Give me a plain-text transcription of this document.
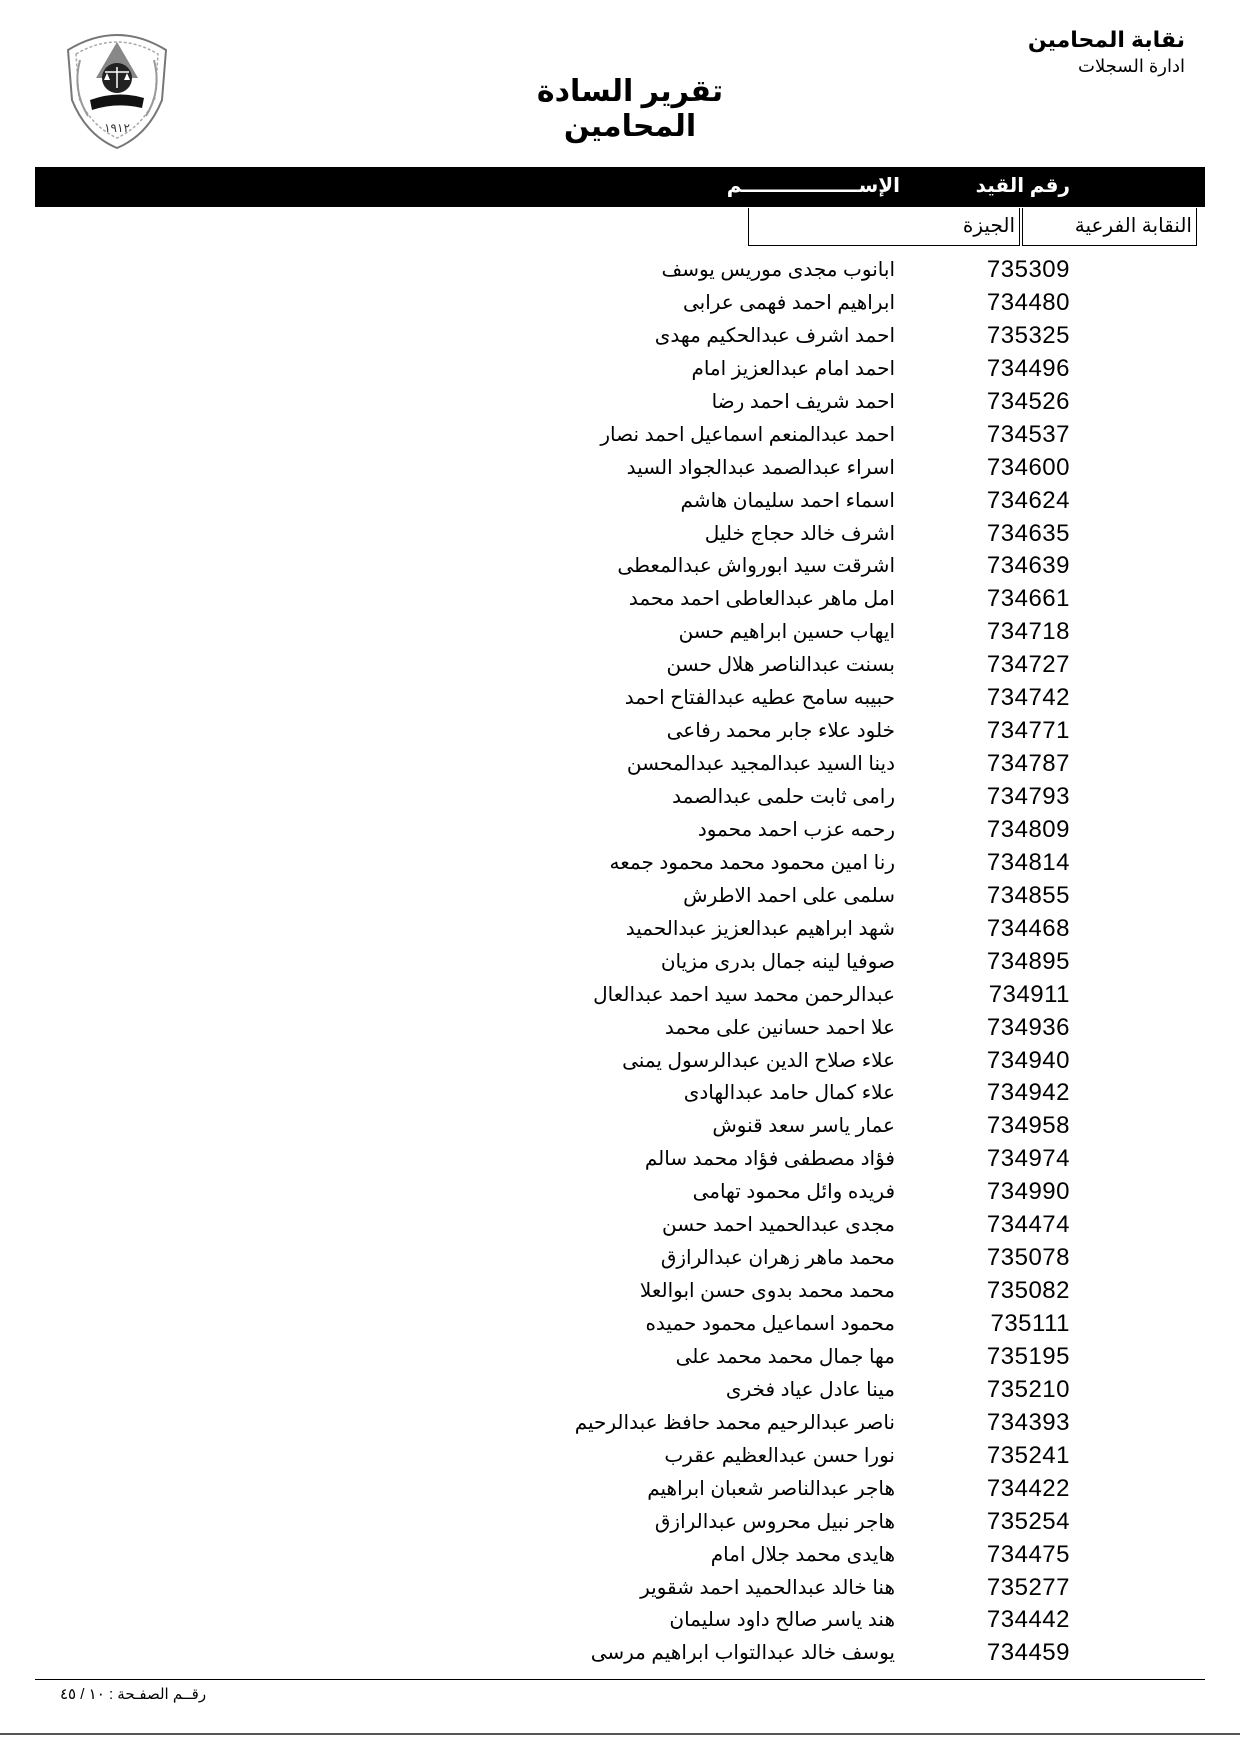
١٩١٢
نقابة المحامين
ادارة السجلات
تقرير السادة المحامين
رقم القيد
الإســـــــــــــــــم
النقابة الفرعية
الجيزة
735309
ابانوب مجدى موريس يوسف
734480
ابراهيم احمد فهمى عرابى
735325
احمد اشرف عبدالحكيم مهدى
734496
احمد امام عبدالعزيز امام
734526
احمد شريف احمد رضا
734537
احمد عبدالمنعم اسماعيل احمد نصار
734600
اسراء عبدالصمد عبدالجواد السيد
734624
اسماء احمد سليمان هاشم
734635
اشرف خالد حجاج خليل
734639
اشرقت سيد ابورواش عبدالمعطى
734661
امل ماهر عبدالعاطى احمد محمد
734718
ايهاب حسين ابراهيم حسن
734727
بسنت عبدالناصر هلال حسن
734742
حبيبه سامح عطيه عبدالفتاح احمد
734771
خلود علاء جابر محمد رفاعى
734787
دينا السيد عبدالمجيد عبدالمحسن
734793
رامى ثابت حلمى عبدالصمد
734809
رحمه عزب احمد محمود
734814
رنا امين محمود محمد محمود جمعه
734855
سلمى على احمد الاطرش
734468
شهد ابراهيم عبدالعزيز عبدالحميد
734895
صوفيا لينه جمال بدرى مزيان
734911
عبدالرحمن محمد سيد احمد عبدالعال
734936
علا احمد حسانين على محمد
734940
علاء صلاح الدين عبدالرسول يمنى
734942
علاء كمال حامد عبدالهادى
734958
عمار ياسر سعد قنوش
734974
فؤاد مصطفى فؤاد محمد سالم
734990
فريده وائل محمود تهامى
734474
مجدى عبدالحميد احمد حسن
735078
محمد ماهر زهران عبدالرازق
735082
محمد محمد بدوى حسن ابوالعلا
735111
محمود اسماعيل محمود حميده
735195
مها جمال محمد محمد على
735210
مينا عادل عياد فخرى
734393
ناصر عبدالرحيم محمد حافظ عبدالرحيم
735241
نورا حسن عبدالعظيم عقرب
734422
هاجر عبدالناصر شعبان ابراهيم
735254
هاجر نبيل محروس عبدالرازق
734475
هايدى محمد جلال امام
735277
هنا خالد عبدالحميد احمد شقوير
734442
هند ياسر صالح داود سليمان
734459
يوسف خالد عبدالتواب ابراهيم مرسى
رقــم الصفـحة : ١٠ / ٤٥
